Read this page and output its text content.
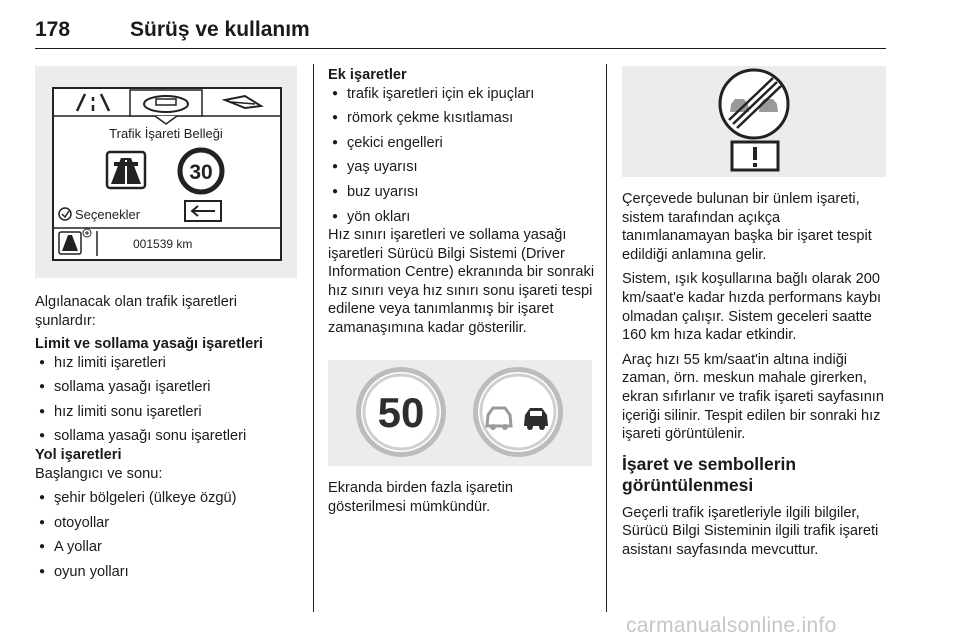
178	Sürüş ve kullanım
Trafik İşareti Belleği
30
Seçenekler
001539 km

Algılanacak olan trafik işaretleri şunlardır:

Limit ve sollama yasağı işaretleri
● hız limiti işaretleri
● sollama yasağı işaretleri
● hız limiti sonu işaretleri
● sollama yasağı sonu işaretleri
Yol işaretleri
Başlangıcı ve sonu:
● şehir bölgeleri (ülkeye özgü)
● otoyollar
● A yollar
● oyun yolları
Ek işaretler
● trafik işaretleri için ek ipuçları
● römork çekme kısıtlaması
● çekici engelleri
● yaş uyarısı
● buz uyarısı
● yön okları

Hız sınırı işaretleri ve sollama yasağı işaretleri Sürücü Bilgi Sistemi (Driver Information Centre) ekranında bir sonraki hız sınırı veya hız sınırı sonu işareti tespi edilene veya tanımlanmış bir işaret zamanaşımına kadar gösterilir.

50

Ekranda birden fazla işaretin gösterilmesi mümkündür.

Çerçevede bulunan bir ünlem işareti, sistem tarafından açıkça tanımlanamayan başka bir işaret tespit edildiği anlamına gelir.

Sistem, ışık koşullarına bağlı olarak 200 km/saat'e kadar hızda performans kaybı olmadan çalışır. Sistem geceleri saatte 160 km hıza kadar etkindir.

Araç hızı 55 km/saat'in altına indiği zaman, örn. meskun mahale girerken, ekran sıfırlanır ve trafik işareti sayfasının içeriği silinir. Tespit edilen bir sonraki hız işareti görüntülenir.

İşaret ve sembollerin görüntülenmesi

Geçerli trafik işaretleriyle ilgili bilgiler, Sürücü Bilgi Sisteminin ilgili trafik işareti asistanı sayfasında mevcuttur.

carmanualsonline.info
